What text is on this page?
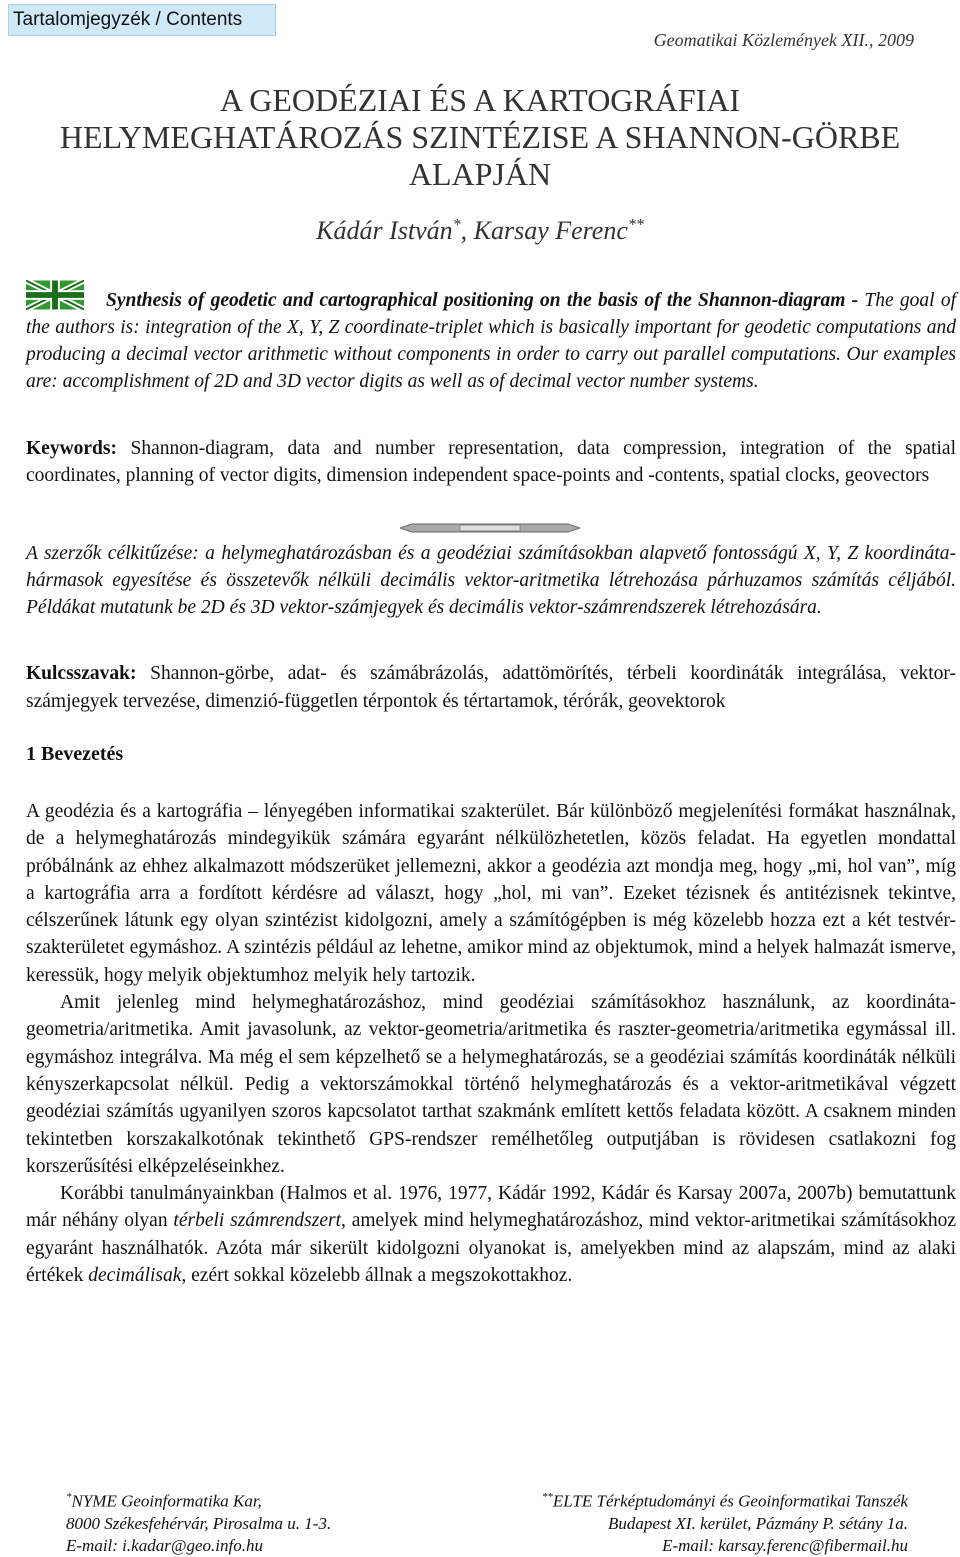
Tartalomjegyzék / Contents
Geomatikai Közlemények XII., 2009
A GEODÉZIAI ÉS A KARTOGRÁFIAI
HELYMEGHATÁROZÁS SZINTÉZISE A SHANNON-GÖRBE
ALAPJÁN
Kádár István*, Karsay Ferenc**
Synthesis of geodetic and cartographical positioning on the basis of the Shannon-diagram - The goal of the authors is: integration of the X, Y, Z coordinate-triplet which is basically important for geodetic computations and producing a decimal vector arithmetic without components in order to carry out parallel computations. Our examples are: accomplishment of 2D and 3D vector digits as well as of decimal vector number systems.
Keywords: Shannon-diagram, data and number representation, data compression, integration of the spatial coordinates, planning of vector digits, dimension independent space-points and -contents, spatial clocks, geovectors
A szerzők célkitűzése: a helymeghatározásban és a geodéziai számításokban alapvető fontosságú X, Y, Z koordináta-hármasok egyesítése és összetevők nélküli decimális vektor-aritmetika létrehozása párhuzamos számítás céljából. Példákat mutatunk be 2D és 3D vektor-számjegyek és decimális vektor-számrendszerek létrehozására.
Kulcsszavak: Shannon-görbe, adat- és számábrázolás, adattömörítés, térbeli koordináták integrálása, vektor-számjegyek tervezése, dimenzió-független térpontok és tértartamok, térórák, geovektorok
1 Bevezetés

A geodézia és a kartográfia – lényegében informatikai szakterület. Bár különböző megjelenítési formákat használnak, de a helymeghatározás mindegyikük számára egyaránt nélkülözhetetlen, közös feladat. Ha egyetlen mondattal próbálnánk az ehhez alkalmazott módszerüket jellemezni, akkor a geodézia azt mondja meg, hogy „mi, hol van”, míg a kartográfia arra a fordított kérdésre ad választ, hogy „hol, mi van”. Ezeket tézisnek és antitézisnek tekintve, célszerűnek látunk egy olyan szintézist kidolgozni, amely a számítógépben is még közelebb hozza ezt a két testvér-szakterületet egymáshoz. A szintézis például az lehetne, amikor mind az objektumok, mind a helyek halmazát ismerve, keressük, hogy melyik objektumhoz melyik hely tartozik.

Amit jelenleg mind helymeghatározáshoz, mind geodéziai számításokhoz használunk, az koordináta-geometria/aritmetika. Amit javasolunk, az vektor-geometria/aritmetika és raszter-geometria/aritmetika egymással ill. egymáshoz integrálva. Ma még el sem képzelhető se a helymeghatározás, se a geodéziai számítás koordináták nélküli kényszerkapcsolat nélkül. Pedig a vektorszámokkal történő helymeghatározás és a vektor-aritmetikával végzett geodéziai számítás ugyanilyen szoros kapcsolatot tarthat szakmánk említett kettős feladata között. A csaknem minden tekintetben korszakalkotónak tekinthető GPS-rendszer remélhetőleg outputjában is rövidesen csatlakozni fog korszerűsítési elképzeléseinkhez.

Korábbi tanulmányainkban (Halmos et al. 1976, 1977, Kádár 1992, Kádár és Karsay 2007a, 2007b) bemutattunk már néhány olyan térbeli számrendszert, amelyek mind helymeghatározáshoz, mind vektor-aritmetikai számításokhoz egyaránt használhatók. Azóta már sikerült kidolgozni olyanokat is, amelyekben mind az alapszám, mind az alaki értékek decimálisak, ezért sokkal közelebb állnak a megszokottakhoz.

*NYME Geoinformatika Kar,
8000 Székesfehérvár, Pirosalma u. 1-3.
E-mail: i.kadar@geo.info.hu
**ELTE Térképtudományi és Geoinformatikai Tanszék
Budapest XI. kerület, Pázmány P. sétány 1a.
E-mail: karsay.ferenc@fibermail.hu
